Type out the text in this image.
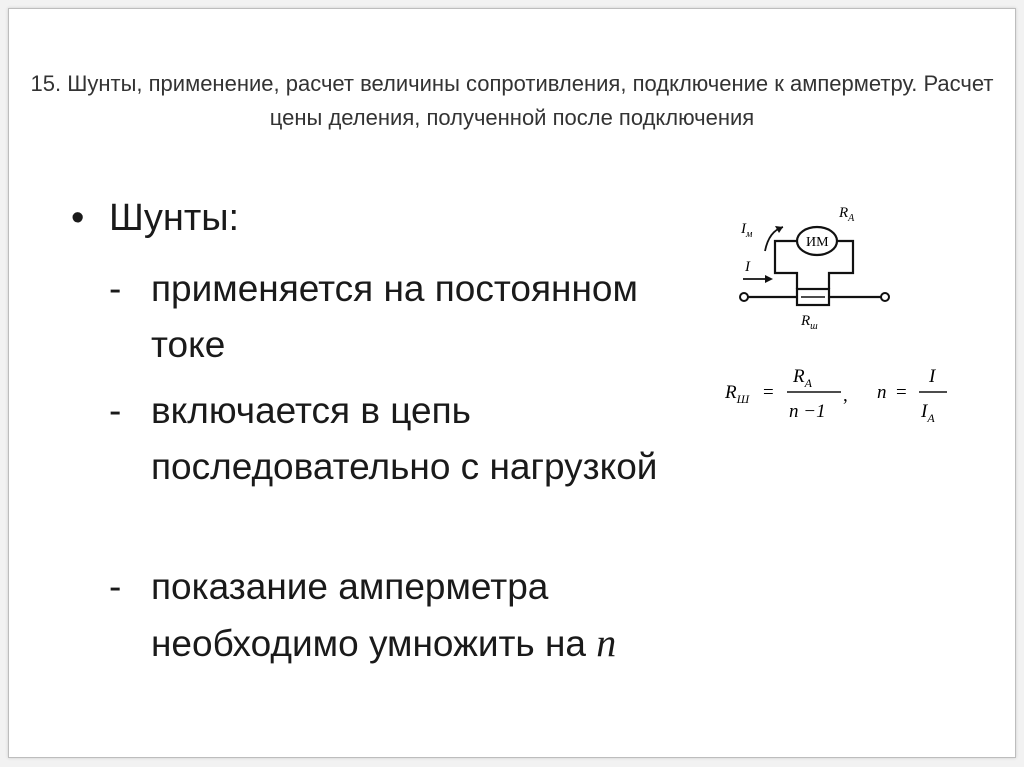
15. Шунты, применение, расчет величины сопротивления, подключение к амперметру. Расчет цены деления, полученной после подключения
• Шунты:
- применяется на постоянном токе
- включается в цепь последовательно с нагрузкой
- показание амперметра необходимо умножить на n
ИМ
$R_А$
$I_м$
I
$R_ш$
$R_Ш$ =
$R_A$
n −1
, n =
I
$I_A$
